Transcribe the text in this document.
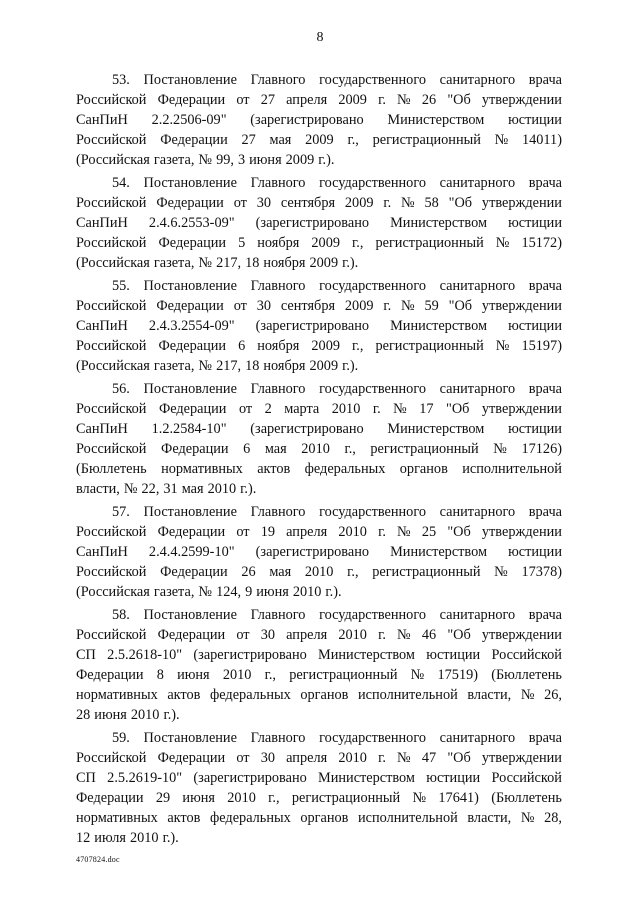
8
53. Постановление Главного государственного санитарного врача
Российской Федерации от 27 апреля 2009 г. № 26 "Об утверждении
СанПиН 2.2.2506-09" (зарегистрировано Министерством юстиции
Российской Федерации 27 мая 2009 г., регистрационный № 14011)
(Российская газета, № 99, 3 июня 2009 г.).
54. Постановление Главного государственного санитарного врача
Российской Федерации от 30 сентября 2009 г. № 58 "Об утверждении
СанПиН 2.4.6.2553-09" (зарегистрировано Министерством юстиции
Российской Федерации 5 ноября 2009 г., регистрационный № 15172)
(Российская газета, № 217, 18 ноября 2009 г.).
55. Постановление Главного государственного санитарного врача
Российской Федерации от 30 сентября 2009 г. № 59 "Об утверждении
СанПиН 2.4.3.2554-09" (зарегистрировано Министерством юстиции
Российской Федерации 6 ноября 2009 г., регистрационный № 15197)
(Российская газета, № 217, 18 ноября 2009 г.).
56. Постановление Главного государственного санитарного врача
Российской Федерации от 2 марта 2010 г. № 17 "Об утверждении
СанПиН 1.2.2584-10" (зарегистрировано Министерством юстиции
Российской Федерации 6 мая 2010 г., регистрационный № 17126)
(Бюллетень нормативных актов федеральных органов исполнительной
власти, № 22, 31 мая 2010 г.).
57. Постановление Главного государственного санитарного врача
Российской Федерации от 19 апреля 2010 г. № 25 "Об утверждении
СанПиН 2.4.4.2599-10" (зарегистрировано Министерством юстиции
Российской Федерации 26 мая 2010 г., регистрационный № 17378)
(Российская газета, № 124, 9 июня 2010 г.).
58. Постановление Главного государственного санитарного врача
Российской Федерации от 30 апреля 2010 г. № 46 "Об утверждении
СП 2.5.2618-10" (зарегистрировано Министерством юстиции Российской
Федерации 8 июня 2010 г., регистрационный № 17519) (Бюллетень
нормативных актов федеральных органов исполнительной власти, № 26,
28 июня 2010 г.).
59. Постановление Главного государственного санитарного врача
Российской Федерации от 30 апреля 2010 г. № 47 "Об утверждении
СП 2.5.2619-10" (зарегистрировано Министерством юстиции Российской
Федерации 29 июня 2010 г., регистрационный № 17641) (Бюллетень
нормативных актов федеральных органов исполнительной власти, № 28,
12 июля 2010 г.).
4707824.doc
